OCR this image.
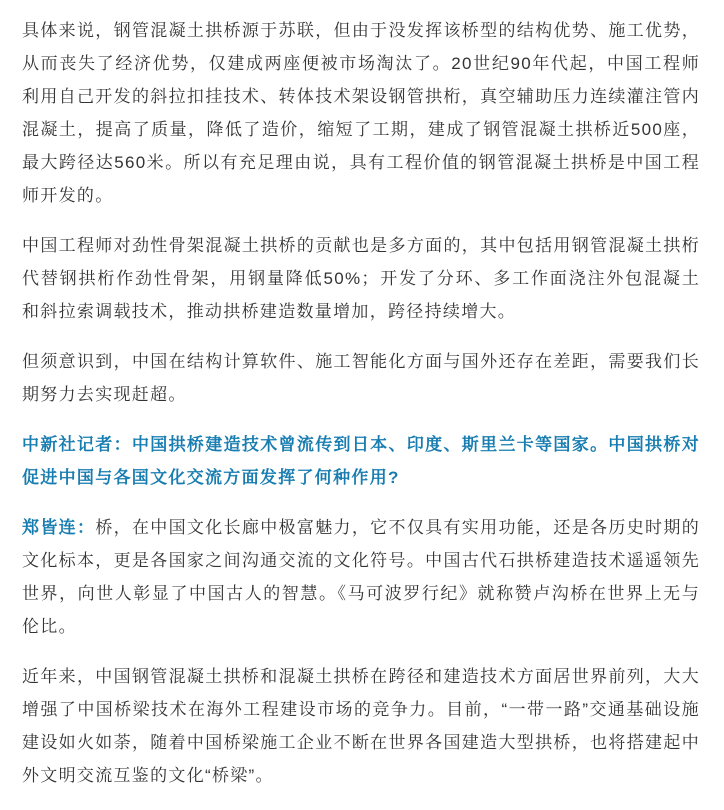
具体来说，钢管混凝土拱桥源于苏联，但由于没发挥该桥型的结构优势、施工优势，从而丧失了经济优势，仅建成两座便被市场淘汰了。20世纪90年代起，中国工程师利用自己开发的斜拉扣挂技术、转体技术架设钢管拱桁，真空辅助压力连续灌注管内混凝土，提高了质量，降低了造价，缩短了工期，建成了钢管混凝土拱桥近500座，最大跨径达560米。所以有充足理由说，具有工程价值的钢管混凝土拱桥是中国工程师开发的。

中国工程师对劲性骨架混凝土拱桥的贡献也是多方面的，其中包括用钢管混凝土拱桁代替钢拱桁作劲性骨架，用钢量降低50%；开发了分环、多工作面浇注外包混凝土和斜拉索调载技术，推动拱桥建造数量增加，跨径持续增大。

但须意识到，中国在结构计算软件、施工智能化方面与国外还存在差距，需要我们长期努力去实现赶超。

中新社记者：中国拱桥建造技术曾流传到日本、印度、斯里兰卡等国家。中国拱桥对促进中国与各国文化交流方面发挥了何种作用?

郑皆连：桥，在中国文化长廊中极富魅力，它不仅具有实用功能，还是各历史时期的文化标本，更是各国家之间沟通交流的文化符号。中国古代石拱桥建造技术遥遥领先世界，向世人彰显了中国古人的智慧。《马可波罗行纪》就称赞卢沟桥在世界上无与伦比。

近年来，中国钢管混凝土拱桥和混凝土拱桥在跨径和建造技术方面居世界前列，大大增强了中国桥梁技术在海外工程建设市场的竞争力。目前，“一带一路”交通基础设施建设如火如荼，随着中国桥梁施工企业不断在世界各国建造大型拱桥，也将搭建起中外文明交流互鉴的文化“桥梁”。
